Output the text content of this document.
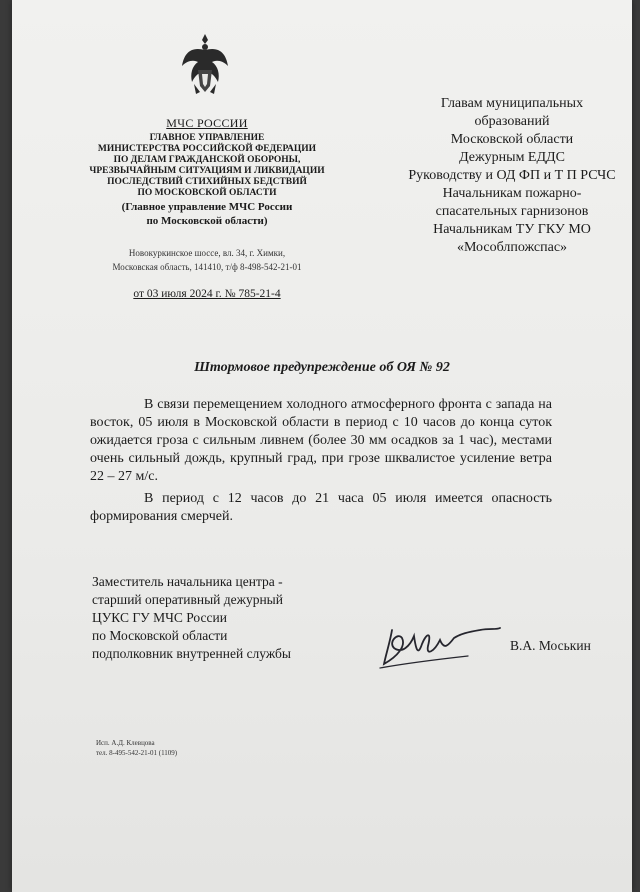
МЧС РОССИИ
ГЛАВНОЕ УПРАВЛЕНИЕ
МИНИСТЕРСТВА РОССИЙСКОЙ ФЕДЕРАЦИИ
ПО ДЕЛАМ ГРАЖДАНСКОЙ ОБОРОНЫ,
ЧРЕЗВЫЧАЙНЫМ СИТУАЦИЯМ И ЛИКВИДАЦИИ
ПОСЛЕДСТВИЙ СТИХИЙНЫХ БЕДСТВИЙ
ПО МОСКОВСКОЙ ОБЛАСТИ
(Главное управление МЧС России
по Московской области)
Новокуркинское шоссе, вл. 34, г. Химки,
Московская область, 141410, т/ф 8-498-542-21-01
от 03 июля 2024 г. № 785-21-4
Главам муниципальных
образований
Московской области
Дежурным ЕДДС
Руководству и ОД ФП и Т П РСЧС
Начальникам пожарно-
спасательных гарнизонов
Начальникам ТУ ГКУ МО
«Мособлпожспас»
Штормовое предупреждение об ОЯ № 92

В связи перемещением холодного атмосферного фронта с запада на восток, 05 июля в Московской области в период с 10 часов до конца суток ожидается гроза с сильным ливнем (более 30 мм осадков за 1 час), местами очень сильный дождь, крупный град, при грозе шквалистое усиление ветра 22 – 27 м/с.

В период с 12 часов до 21 часа 05 июля имеется опасность формирования смерчей.

Заместитель начальника центра -
старший оперативный дежурный
ЦУКС ГУ МЧС России
по Московской области
подполковник внутренней службы
В.А. Моськин
Исп. А.Д. Клевцова
тел. 8-495-542-21-01 (1109)
